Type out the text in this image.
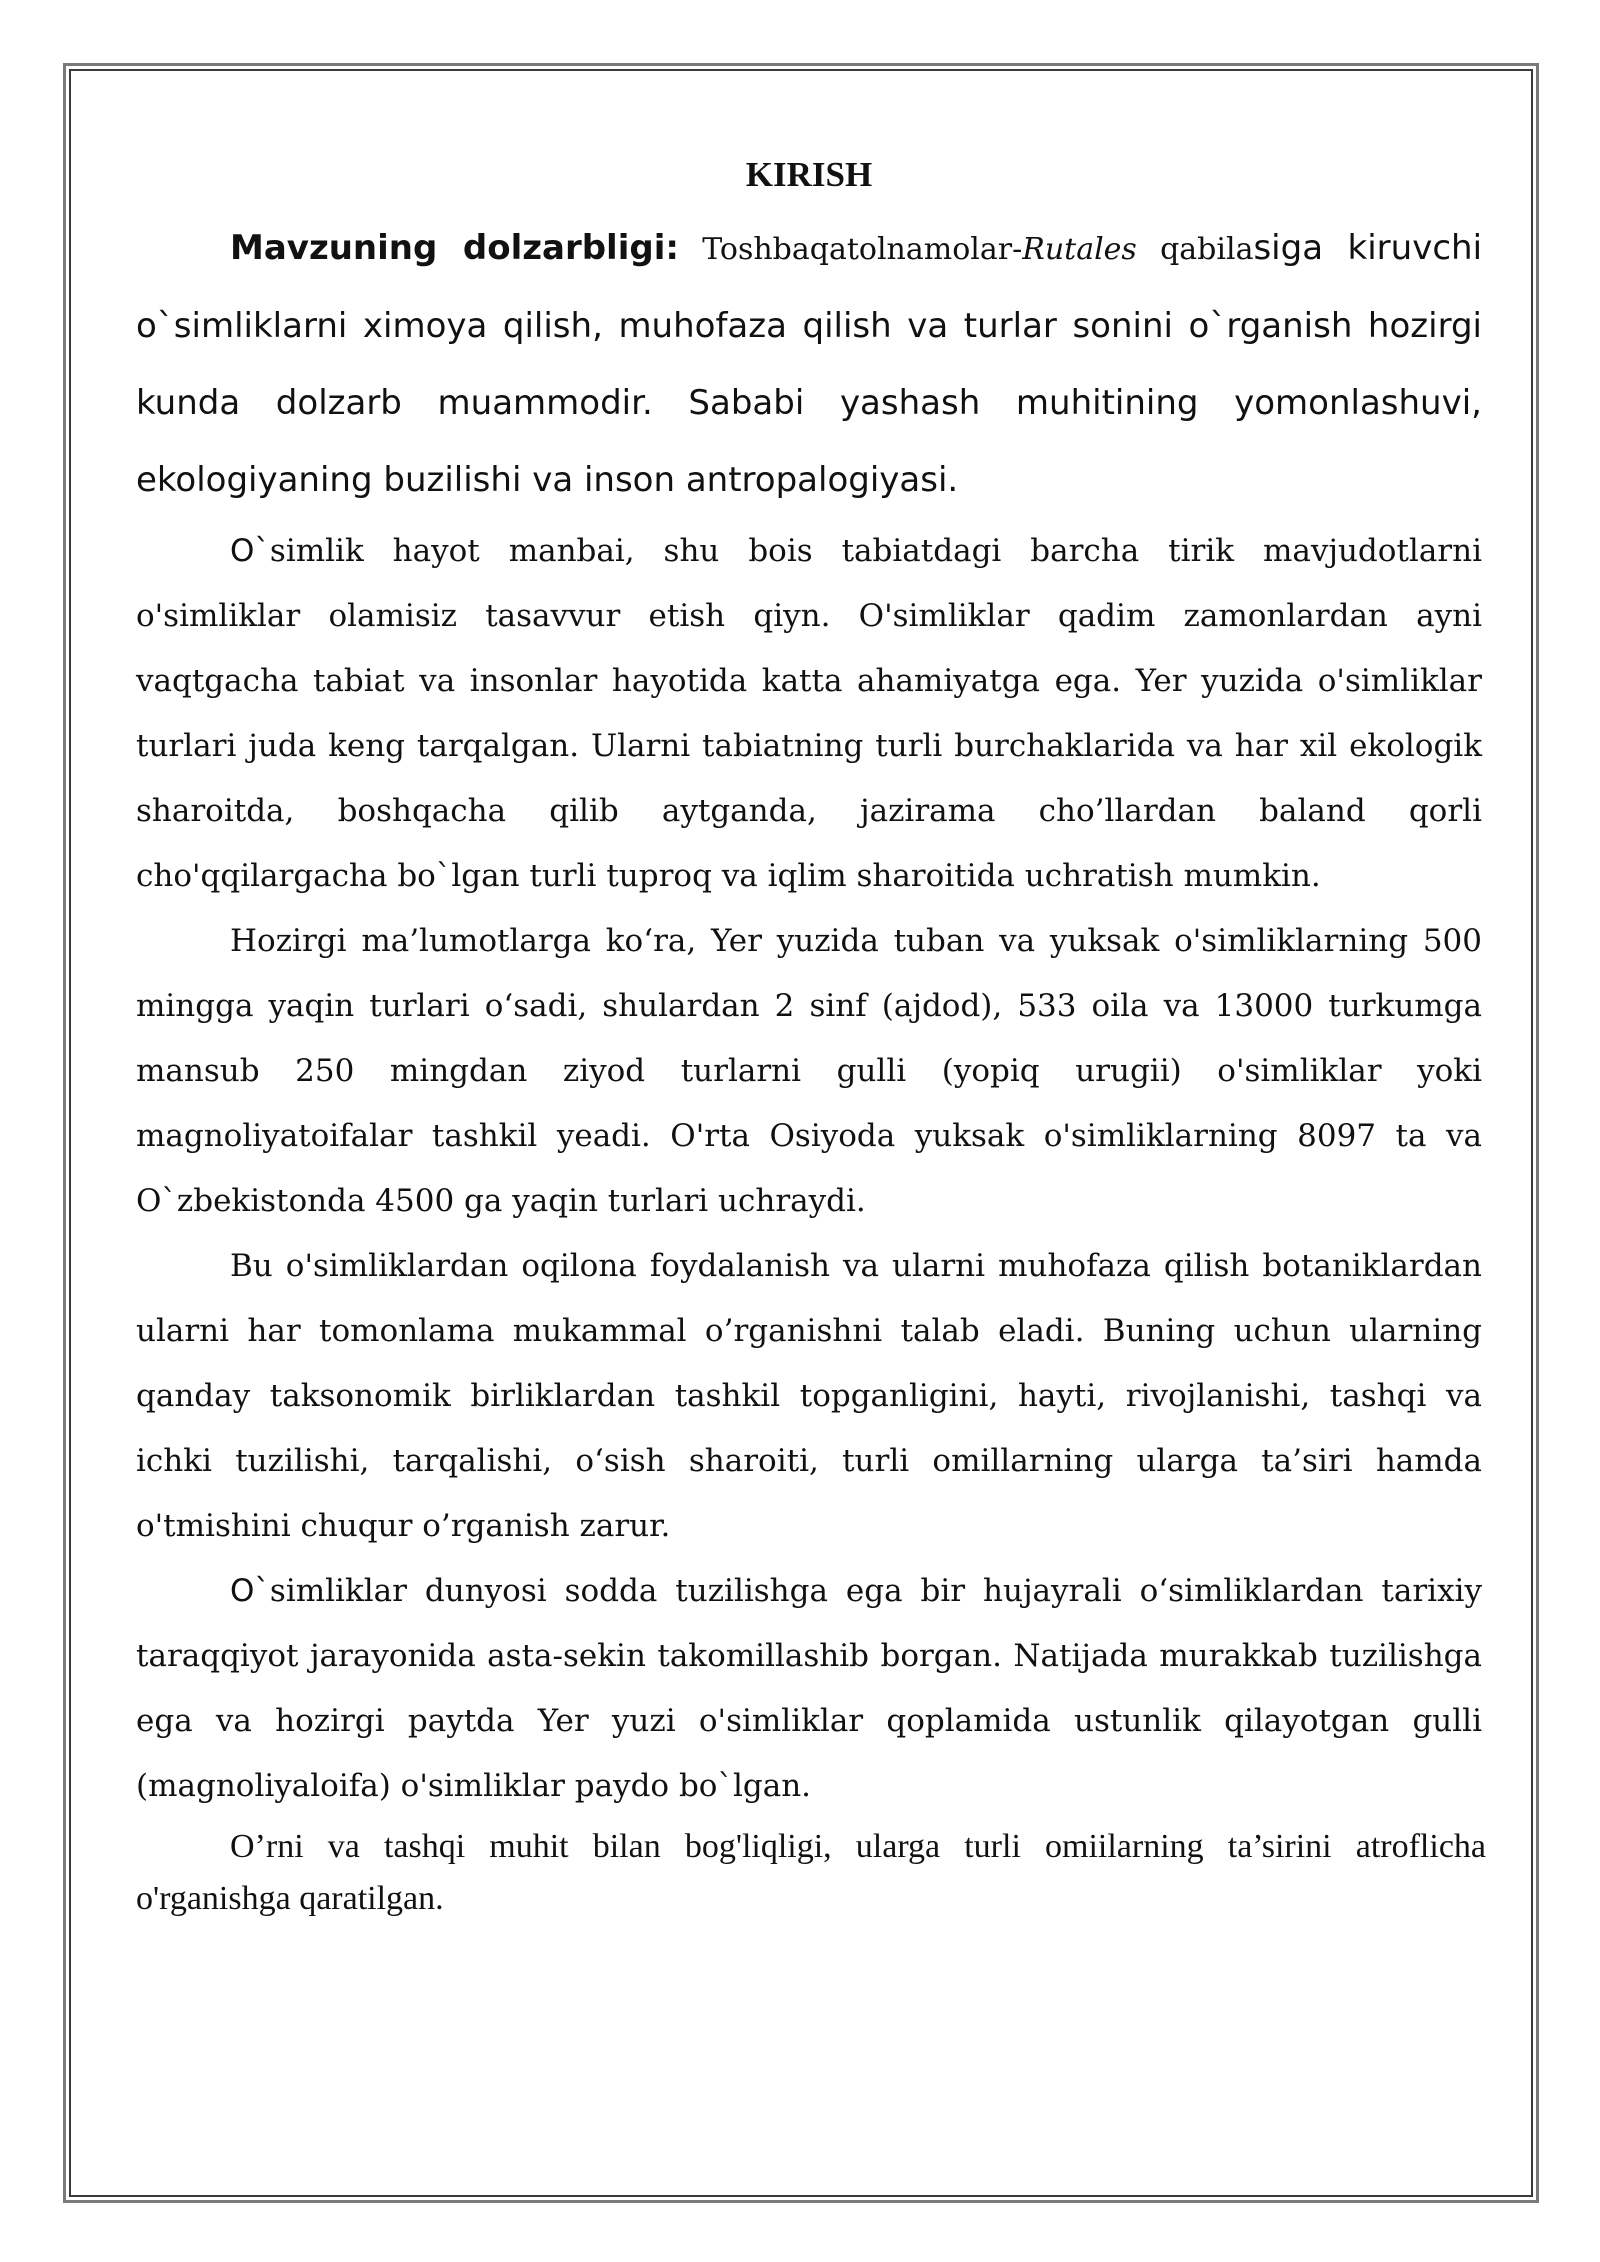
KIRISH

Mavzuning dolzarbligi: Toshbaqatolnamolar-Rutales qabilasiga kiruvchi o`simliklarni ximoya qilish, muhofaza qilish va turlar sonini o`rganish hozirgi kunda dolzarb muammodir. Sababi yashash muhitining yomonlashuvi, ekologiyaning buzilishi va inson antropalogiyasi.

O`simlik hayot manbai, shu bois tabiatdagi barcha tirik mavjudotlarni o'simliklar olamisiz tasavvur etish qiyn. O'simliklar qadim zamonlardan ayni vaqtgacha tabiat va insonlar hayotida katta ahamiyatga ega. Yer yuzida o'simliklar turlari juda keng tarqalgan. Ularni tabiatning turli burchaklarida va har xil ekologik sharoitda, boshqacha qilib aytganda, jazirama cho’llardan baland qorli cho'qqilargacha bo`lgan turli tuproq va iqlim sharoitida uchratish mumkin.

Hozirgi ma’lumotlarga ko‘ra, Yer yuzida tuban va yuksak o'simliklarning 500 mingga yaqin turlari o‘sadi, shulardan 2 sinf (ajdod), 533 oila va 13000 turkumga mansub 250 mingdan ziyod turlarni gulli (yopiq urugii) o'simliklar yoki magnoliyatoifalar tashkil yeadi. O'rta Osiyoda yuksak o'simliklarning 8097 ta va O`zbekistonda 4500 ga yaqin turlari uchraydi.

Bu o'simliklardan oqilona foydalanish va ularni muhofaza qilish botaniklardan ularni har tomonlama mukammal o’rganishni talab eladi. Buning uchun ularning qanday taksonomik birliklardan tashkil topganligini, hayti, rivojlanishi, tashqi va ichki tuzilishi, tarqalishi, o‘sish sharoiti, turli omillarning ularga ta’siri hamda o'tmishini chuqur o’rganish zarur.

O`simliklar dunyosi sodda tuzilishga ega bir hujayrali o‘simliklardan tarixiy taraqqiyot jarayonida asta-sekin takomillashib borgan. Natijada murakkab tuzilishga ega va hozirgi paytda Yer yuzi o'simliklar qoplamida ustunlik qilayotgan gulli (magnoliyaloifa) o'simliklar paydo bo`lgan.

O’rni va tashqi muhit bilan bog'liqligi, ularga turli omiilarning ta’sirini atroflicha o'rganishga qaratilgan.
